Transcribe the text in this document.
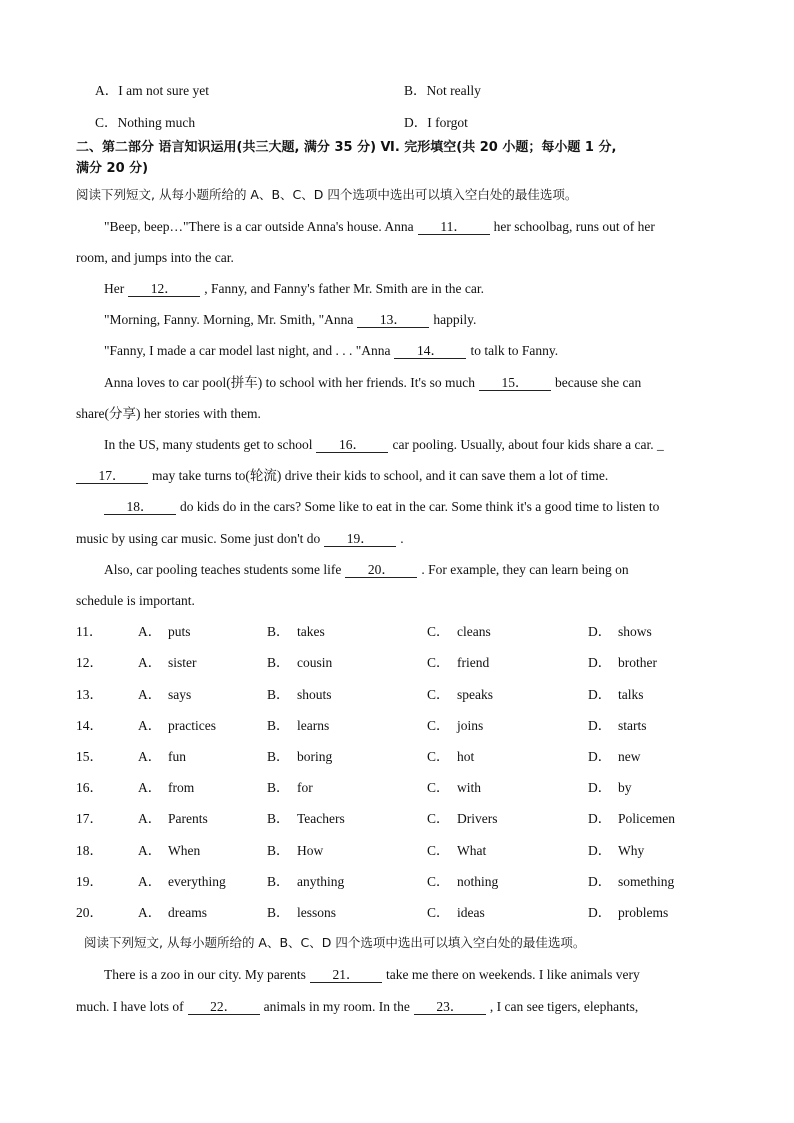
A．I am not sure yet	B．Not really
C．Nothing much	D．I forgot
二、第二部分 语言知识运用(共三大题, 满分 35 分) Ⅵ. 完形填空(共 20 小题；每小题 1 分,
满分 20 分)
阅读下列短文, 从每小题所给的 A、B、C、D 四个选项中选出可以填入空白处的最佳选项。
"Beep, beep…"There is a car outside Anna's house. Anna 11． her schoolbag, runs out of her
room, and jumps into the car.
Her 12． , Fanny, and Fanny's father Mr. Smith are in the car.
"Morning, Fanny. Morning, Mr. Smith, "Anna 13． happily.
"Fanny, I made a car model last night, and . . . "Anna 14． to talk to Fanny.
Anna loves to car pool(拼车) to school with her friends. It's so much 15． because she can
share(分享) her stories with them.
In the US, many students get to school 16． car pooling. Usually, about four kids share a car. _
17． may take turns to(轮流) drive their kids to school, and it can save them a lot of time.
18． do kids do in the cars? Some like to eat in the car. Some think it's a good time to listen to
music by using car music. Some just don't do 19． .
Also, car pooling teaches students some life 20． . For example, they can learn being on
schedule is important.
11．	A． puts	B． takes	C． cleans	D． shows
12．	A． sister	B． cousin	C． friend	D． brother
13．	A． says	B． shouts	C． speaks	D． talks
14．	A． practices	B． learns	C． joins	D． starts
15．	A． fun	B． boring	C． hot	D． new
16．	A． from	B． for	C． with	D． by
17．	A． Parents	B． Teachers	C． Drivers	D． Policemen
18．	A． When	B． How	C． What	D． Why
19．	A． everything	B． anything	C． nothing	D． something
20．	A． dreams	B． lessons	C． ideas	D． problems
阅读下列短文, 从每小题所给的 A、B、C、D 四个选项中选出可以填入空白处的最佳选项。
There is a zoo in our city. My parents 21． take me there on weekends. I like animals very
much. I have lots of 22． animals in my room. In the 23． , I can see tigers, elephants,
